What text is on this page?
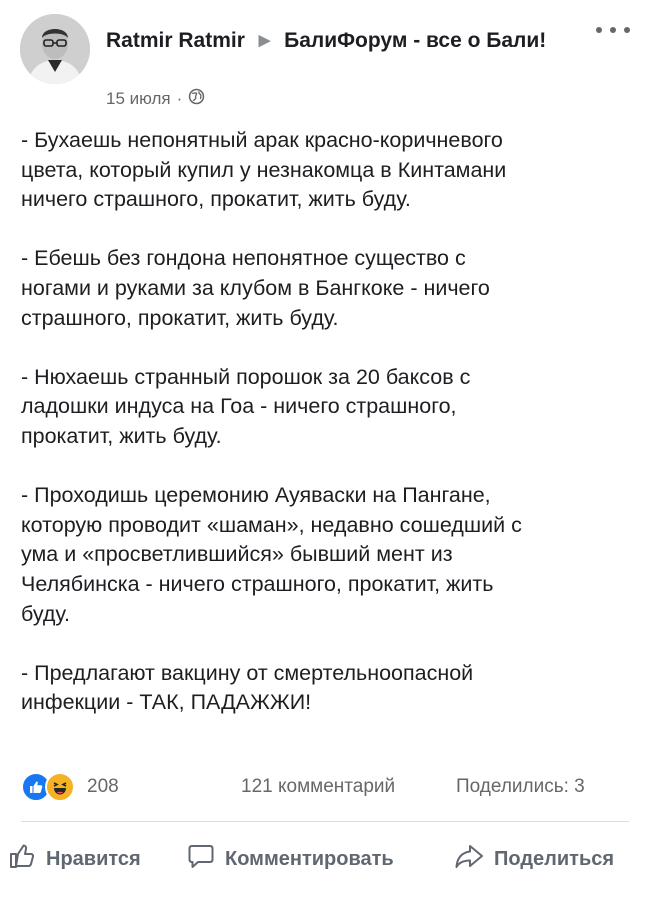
Ratmir Ratmir ▶ БалиФорум - все о Бали!
15 июля ·

- Бухаешь непонятный арак красно-коричневого
цвета, который купил у незнакомца в Кинтамани
ничего страшного, прокатит, жить буду.

- Ебешь без гондона непонятное существо с
ногами и руками за клубом в Бангкоке - ничего
страшного, прокатит, жить буду.

- Нюхаешь странный порошок за 20 баксов с
ладошки индуса на Гоа - ничего страшного,
прокатит, жить буду.

- Проходишь церемонию Ауяваски на Пангане,
которую проводит «шаман», недавно сошедший с
ума и «просветлившийся» бывший мент из
Челябинска - ничего страшного, прокатит, жить
буду.

- Предлагают вакцину от смертельноопасной
инфекции - ТАК, ПАДАЖЖИ!

208	121 комментарий	Поделились: 3
Нравится	Комментировать	Поделиться
